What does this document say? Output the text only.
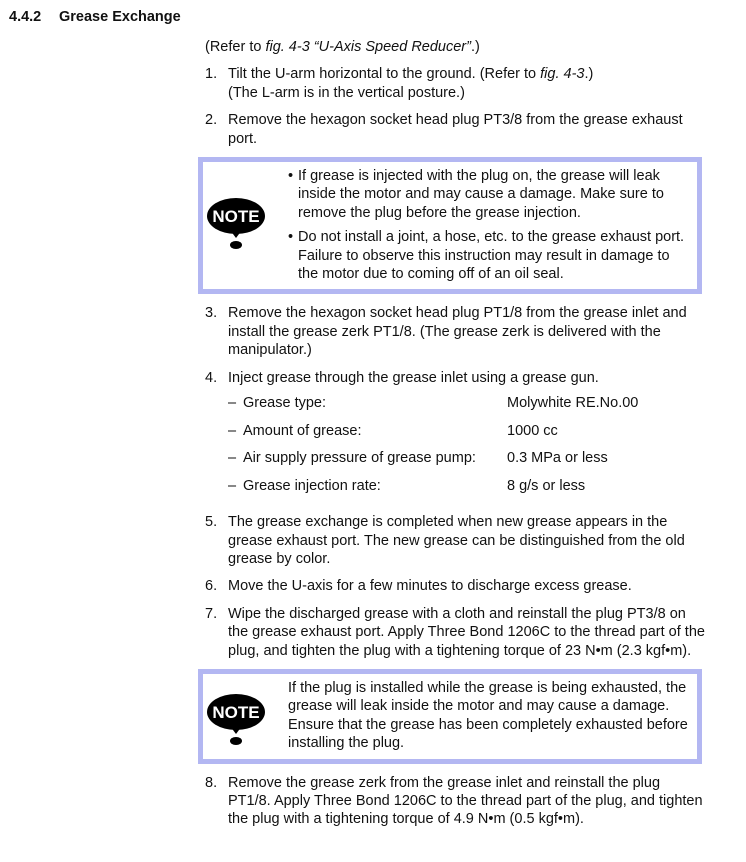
4.4.2 Grease Exchange

(Refer to fig. 4-3 “U-Axis Speed Reducer”.)

1. Tilt the U-arm horizontal to the ground. (Refer to fig. 4-3.)
(The L-arm is in the vertical posture.)
2. Remove the hexagon socket head plug PT3/8 from the grease exhaust port.
NOTE
• If grease is injected with the plug on, the grease will leak inside the motor and may cause a damage. Make sure to remove the plug before the grease injection.
• Do not install a joint, a hose, etc. to the grease exhaust port. Failure to observe this instruction may result in damage to the motor due to coming off of an oil seal.
3. Remove the hexagon socket head plug PT1/8 from the grease inlet and install the grease zerk PT1/8. (The grease zerk is delivered with the manipulator.)
4. Inject grease through the grease inlet using a grease gun.
– Grease type:	Molywhite RE.No.00
– Amount of grease:	1000 cc
– Air supply pressure of grease pump:	0.3 MPa or less
– Grease injection rate:	8 g/s or less
5. The grease exchange is completed when new grease appears in the grease exhaust port. The new grease can be distinguished from the old grease by color.
6. Move the U-axis for a few minutes to discharge excess grease.
7. Wipe the discharged grease with a cloth and reinstall the plug PT3/8 on the grease exhaust port. Apply Three Bond 1206C to the thread part of the plug, and tighten the plug with a tightening torque of 23 N•m (2.3 kgf•m).
NOTE
If the plug is installed while the grease is being exhausted, the grease will leak inside the motor and may cause a damage. Ensure that the grease has been completely exhausted before installing the plug.
8. Remove the grease zerk from the grease inlet and reinstall the plug PT1/8. Apply Three Bond 1206C to the thread part of the plug, and tighten the plug with a tightening torque of 4.9 N•m (0.5 kgf•m).
